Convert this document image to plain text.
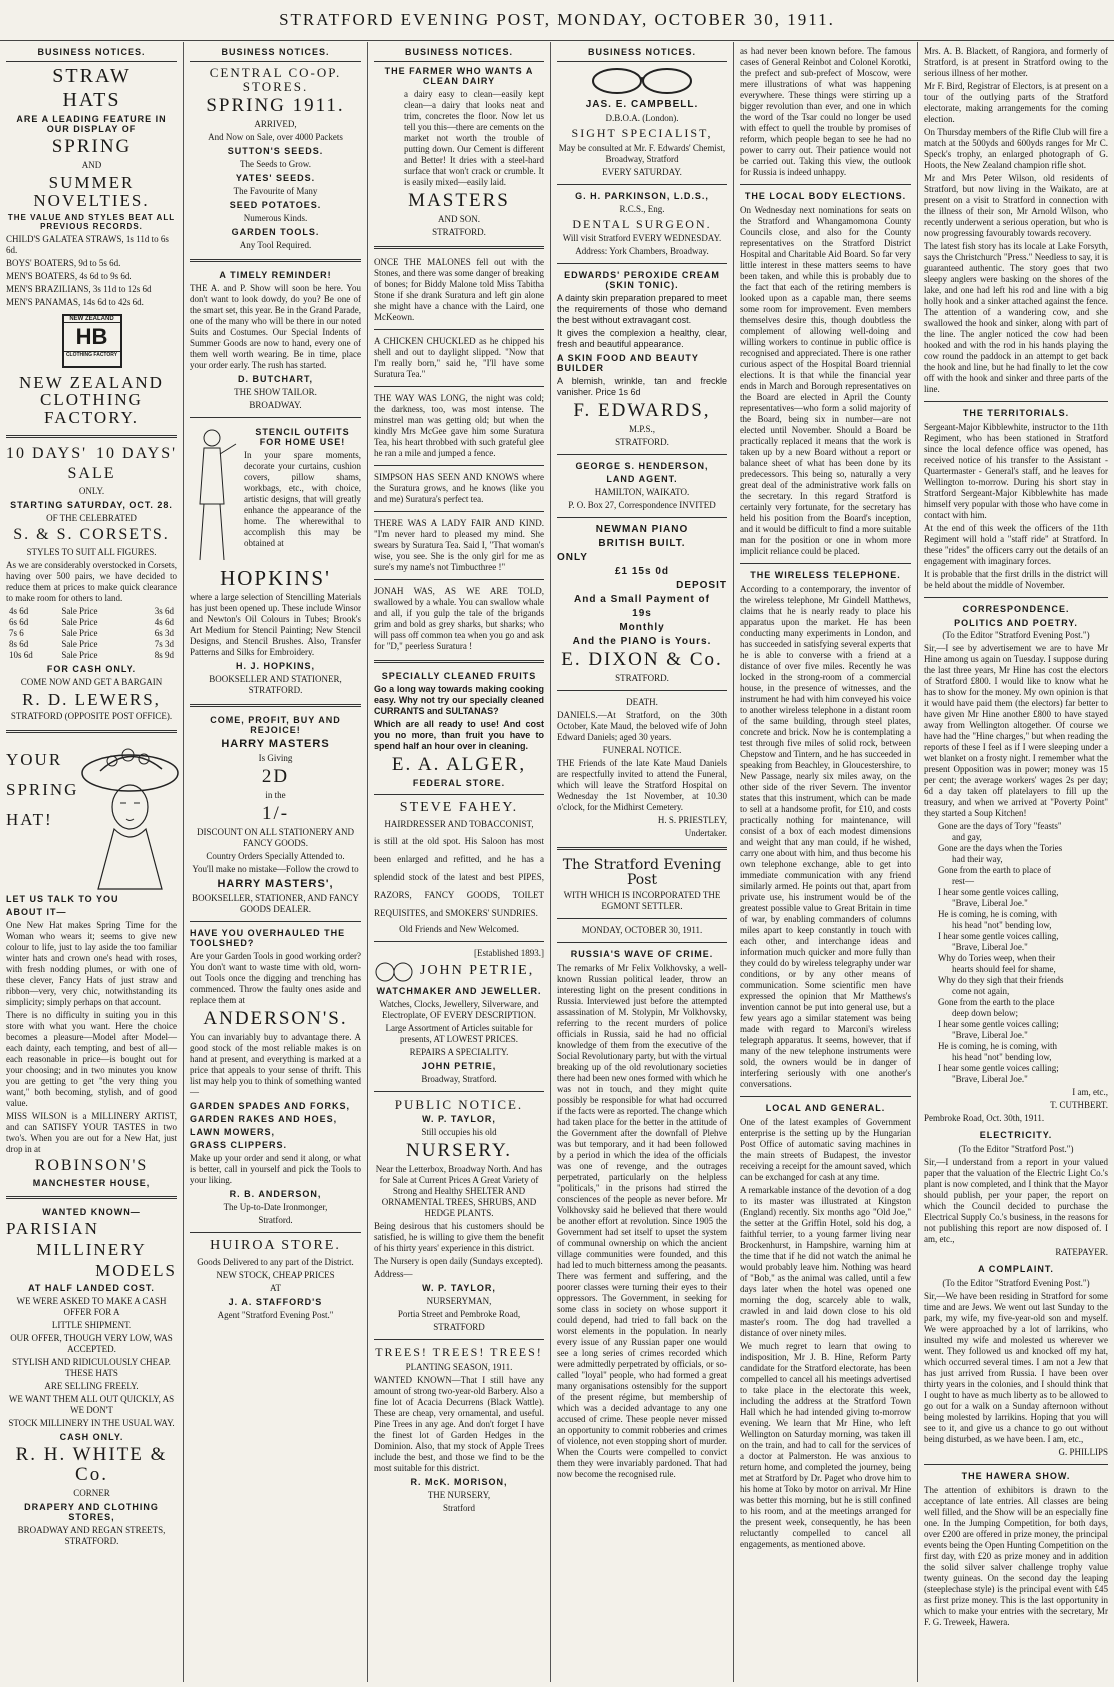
STRATFORD EVENING POST, MONDAY, OCTOBER 30, 1911.
BUSINESS NOTICES.
STRAW
HATS
ARE A LEADING FEATURE IN OUR DISPLAY OF
SPRING
AND
SUMMER NOVELTIES.
THE VALUE AND STYLES BEAT ALL PREVIOUS RECORDS.
CHILD'S GALATEA STRAWS, 1s 11d to 6s 6d.
BOYS' BOATERS, 9d to 5s 6d.
MEN'S BOATERS, 4s 6d to 9s 6d.
MEN'S BRAZILIANS, 3s 11d to 12s 6d
MEN'S PANAMAS, 14s 6d to 42s 6d.
NEW ZEALAND
HB
CLOTHING FACTORY
NEW ZEALAND CLOTHING FACTORY.
10 DAYS' 10 DAYS'
SALE
ONLY.
STARTING SATURDAY, OCT. 28.
OF THE CELEBRATED
S. & S. CORSETS.
STYLES TO SUIT ALL FIGURES.
As we are considerably overstocked in Corsets, having over 500 pairs, we have decided to reduce them at prices to make quick clearance to make room for others to land.
4s 6d	Sale Price	3s 6d
6s 6d	Sale Price	4s 6d
7s 6	Sale Price	6s 3d
8s 6d	Sale Price	7s 3d
10s 6d	Sale Price	8s 9d
FOR CASH ONLY.
COME NOW AND GET A BARGAIN
R. D. LEWERS,
STRATFORD (OPPOSITE POST OFFICE).
YOUR
SPRING
HAT!
LET US TALK TO YOU
ABOUT IT—
One New Hat makes Spring Time for the Woman who wears it; seems to give new colour to life, just to lay aside the too familiar winter hats and crown one's head with roses, with fresh nodding plumes, or with one of these clever, Fancy Hats of just straw and ribbon—very, very chic, notwithstanding its simplicity; simply perhaps on that account.
There is no difficulty in suiting you in this store with what you want. Here the choice becomes a pleasure—Model after Model—each dainty, each tempting, and best of all—each reasonable in price—is bought out for your choosing; and in two minutes you know you are getting to get "the very thing you want," both becoming, stylish, and of good value.
MISS WILSON is a MILLINERY ARTIST, and can SATISFY YOUR TASTES in two two's. When you are out for a New Hat, just drop in at
ROBINSON'S
MANCHESTER HOUSE,
WANTED KNOWN—
PARISIAN
MILLINERY
MODELS
AT HALF LANDED COST.
WE WERE ASKED TO MAKE A CASH OFFER FOR A
LITTLE SHIPMENT.
OUR OFFER, THOUGH VERY LOW, WAS ACCEPTED.
STYLISH AND RIDICULOUSLY CHEAP. THESE HATS
ARE SELLING FREELY.
WE WANT THEM ALL OUT QUICKLY, AS WE DON'T
STOCK MILLINERY IN THE USUAL WAY.
CASH ONLY.
R. H. WHITE & Co.
CORNER
DRAPERY AND CLOTHING STORES,
BROADWAY AND REGAN STREETS, STRATFORD.
BUSINESS NOTICES.
CENTRAL CO-OP. STORES.
SPRING 1911.
ARRIVED,
And Now on Sale, over 4000 Packets
SUTTON'S SEEDS.
The Seeds to Grow.
YATES' SEEDS.
The Favourite of Many
SEED POTATOES.
Numerous Kinds.
GARDEN TOOLS.
Any Tool Required.
A TIMELY REMINDER!
THE A. and P. Show will soon be here. You don't want to look dowdy, do you? Be one of the smart set, this year. Be in the Grand Parade, one of the many who will be there in our noted Suits and Costumes. Our Special Indents of Summer Goods are now to hand, every one of them well worth wearing. Be in time, place your order early. The rush has started.
D. BUTCHART,
THE SHOW TAILOR.
BROADWAY.
STENCIL OUTFITS FOR HOME USE!
In your spare moments, decorate your curtains, cushion covers, pillow shams, workbags, etc., with choice, artistic designs, that will greatly enhance the appearance of the home. The wherewithal to accomplish this may be obtained at
HOPKINS'
where a large selection of Stencilling Materials has just been opened up. These include Winsor and Newton's Oil Colours in Tubes; Brook's Art Medium for Stencil Painting; New Stencil Designs, and Stencil Brushes. Also, Transfer Patterns and Silks for Embroidery.
H. J. HOPKINS,
BOOKSELLER AND STATIONER, STRATFORD.
COME, PROFIT, BUY AND REJOICE!
HARRY MASTERS
Is Giving
2D
in the
1/-
DISCOUNT ON ALL STATIONERY AND FANCY GOODS.
Country Orders Specially Attended to.
You'll make no mistake—Follow the crowd to
HARRY MASTERS',
BOOKSELLER, STATIONER, AND FANCY GOODS DEALER.
HAVE YOU OVERHAULED THE TOOLSHED?
Are your Garden Tools in good working order? You don't want to waste time with old, worn-out Tools once the digging and trenching has commenced. Throw the faulty ones aside and replace them at
ANDERSON'S.
You can invariably buy to advantage there. A good stock of the most reliable makes is on hand at present, and everything is marked at a price that appeals to your sense of thrift. This list may help you to think of something wanted—
GARDEN SPADES AND FORKS,
GARDEN RAKES AND HOES,
LAWN MOWERS,
GRASS CLIPPERS.
Make up your order and send it along, or what is better, call in yourself and pick the Tools to your liking.
R. B. ANDERSON,
The Up-to-Date Ironmonger,
Stratford.
HUIROA STORE.
Goods Delivered to any part of the District.
NEW STOCK, CHEAP PRICES
AT
J. A. STAFFORD'S
Agent "Stratford Evening Post."
BUSINESS NOTICES.
THE FARMER WHO WANTS A CLEAN DAIRY
a dairy easy to clean—easily kept clean—a dairy that looks neat and trim, concretes the floor. Now let us tell you this—there are cements on the market not worth the trouble of putting down. Our Cement is different and Better! It dries with a steel-hard surface that won't crack or crumble. It is easily mixed—easily laid.
MASTERS
AND SON.
STRATFORD.
ONCE THE MALONES fell out with the Stones, and there was some danger of breaking of bones; for Biddy Malone told Miss Tabitha Stone if she drank Suratura and left gin alone she might have a chance with the Laird, one McKeown.
A CHICKEN CHUCKLED as he chipped his shell and out to daylight slipped. "Now that I'm really born," said he, "I'll have some Suratura Tea."
THE WAY WAS LONG, the night was cold; the darkness, too, was most intense. The minstrel man was getting old; but when the kindly Mrs McGee gave him some Suratura Tea, his heart throbbed with such grateful glee he ran a mile and jumped a fence.
SIMPSON HAS SEEN AND KNOWS where the Suratura grows, and he knows (like you and me) Suratura's perfect tea.
THERE WAS A LADY FAIR AND KIND. "I'm never hard to pleased my mind. She swears by Suratura Tea. Said I, "That woman's wise, you see. She is the only girl for me as sure's my name's not Timbucthree !"
JONAH WAS, AS WE ARE TOLD, swallowed by a whale. You can swallow whale and all, if you gulp the tale of the brigands grim and bold as grey sharks, but sharks; who will pass off common tea when you go and ask for "D," peerless Suratura !
SPECIALLY CLEANED FRUITS
Go a long way towards making cooking easy. Why not try our specially cleaned CURRANTS and SULTANAS?
Which are all ready to use! And cost you no more, than fruit you have to spend half an hour over in cleaning.
E. A. ALGER,
FEDERAL STORE.
STEVE FAHEY.
HAIRDRESSER AND TOBACCONIST,
is still at the old spot. His Saloon has most been enlarged and refitted, and he has a splendid stock of the latest and best PIPES, RAZORS, FANCY GOODS, TOILET REQUISITES, and SMOKERS' SUNDRIES.
Old Friends and New Welcomed.
[Established 1893.]
JOHN PETRIE,
WATCHMAKER AND JEWELLER.
Watches, Clocks, Jewellery, Silverware, and Electroplate, OF EVERY DESCRIPTION.
Large Assortment of Articles suitable for presents, AT LOWEST PRICES.
REPAIRS A SPECIALITY.
JOHN PETRIE,
Broadway, Stratford.
PUBLIC NOTICE.
W. P. TAYLOR,
Still occupies his old
NURSERY.
Near the Letterbox, Broadway North. And has for Sale at Current Prices A Great Variety of Strong and Healthy SHELTER AND ORNAMENTAL TREES, SHRUBS, AND HEDGE PLANTS.
Being desirous that his customers should be satisfied, he is willing to give them the benefit of his thirty years' experience in this district.
The Nursery is open daily (Sundays excepted).
Address—
W. P. TAYLOR,
NURSERYMAN,
Portia Street and Pembroke Road,
STRATFORD
TREES! TREES! TREES!
PLANTING SEASON, 1911.
WANTED KNOWN—That I still have any amount of strong two-year-old Barbery. Also a fine lot of Acacia Decurrens (Black Wattle). These are cheap, very ornamental, and useful. Pine Trees in any age. And don't forget I have the finest lot of Garden Hedges in the Dominion. Also, that my stock of Apple Trees include the best, and those we find to be the most suitable for this district.
R. McK. MORISON,
THE NURSERY,
Stratford
BUSINESS NOTICES.
JAS. E. CAMPBELL.
D.B.O.A. (London).
SIGHT SPECIALIST,
May be consulted at Mr. F. Edwards' Chemist, Broadway, Stratford
EVERY SATURDAY.
G. H. PARKINSON, L.D.S.,
R.C.S., Eng.
DENTAL SURGEON.
Will visit Stratford EVERY WEDNESDAY.
Address: York Chambers, Broadway.
EDWARDS' PEROXIDE CREAM (SKIN TONIC).
A dainty skin preparation prepared to meet the requirements of those who demand the best without extravagant cost.
It gives the complexion a healthy, clear, fresh and beautiful appearance.
A SKIN FOOD AND BEAUTY BUILDER
A blemish, wrinkle, tan and freckle vanisher. Price 1s 6d
F. EDWARDS,
M.P.S.,
STRATFORD.
GEORGE S. HENDERSON,
LAND AGENT.
HAMILTON, WAIKATO.
P. O. Box 27, Correspondence INVITED
NEWMAN PIANO
BRITISH BUILT.
ONLY
£1 15s 0d
DEPOSIT
And a Small Payment of
19s
Monthly
And the PIANO is Yours.
E. DIXON & Co.
STRATFORD.
DEATH.
DANIELS.—At Stratford, on the 30th October, Kate Maud, the beloved wife of John Edward Daniels; aged 30 years.
FUNERAL NOTICE.
THE Friends of the late Kate Maud Daniels are respectfully invited to attend the Funeral, which will leave the Stratford Hospital on Wednesday the 1st November, at 10.30 o'clock, for the Midhirst Cemetery.
H. S. PRIESTLEY,
Undertaker.
The Stratford Evening Post
WITH WHICH IS INCORPORATED THE EGMONT SETTLER.
MONDAY, OCTOBER 30, 1911.
RUSSIA'S WAVE OF CRIME.
The remarks of Mr Felix Volkhovsky, a well-known Russian political leader, throw an interesting light on the present conditions in Russia. Interviewed just before the attempted assassination of M. Stolypin, Mr Volkhovsky, referring to the recent murders of police officials in Russia, said he had no official knowledge of them from the executive of the Social Revolutionary party, but with the virtual breaking up of the old revolutionary societies there had been new ones formed with which he was not in touch, and they might quite possibly be responsible for what had occurred if the facts were as reported. The change which had taken place for the better in the attitude of the Government after the downfall of Plehve was but temporary, and it had been followed by a period in which the idea of the officials was one of revenge, and the outrages perpetrated, particularly on the helpless "politicals," in the prisons had stirred the consciences of the people as never before. Mr Volkhovsky said he believed that there would be another effort at revolution. Since 1905 the Government had set itself to upset the system of communal ownership on which the ancient village communities were founded, and this had led to much bitterness among the peasants. There was ferment and suffering, and the poorer classes were turning their eyes to their oppressors. The Government, in seeking for some class in society on whose support it could depend, had tried to fall back on the worst elements in the population. In nearly every issue of any Russian paper one would see a long series of crimes recorded which were admittedly perpetrated by officials, or so-called "loyal" people, who had formed a great many organisations ostensibly for the support of the present régime, but membership of which was a decided advantage to any one accused of crime. These people never missed an opportunity to commit robberies and crimes of violence, not even stopping short of murder. When the Courts were compelled to convict them they were invariably pardoned. That had now become the recognised rule.
as had never been known before. The famous cases of General Reinbot and Colonel Korotki, the prefect and sub-prefect of Moscow, were mere illustrations of what was happening everywhere. These things were stirring up a bigger revolution than ever, and one in which the word of the Tsar could no longer be used with effect to quell the trouble by promises of reform, which people began to see he had no power to carry out. Their patience would not be carried out. Taking this view, the outlook for Russia is indeed unhappy.
THE LOCAL BODY ELECTIONS.
On Wednesday next nominations for seats on the Stratford and Whangamomona County Councils close, and also for the County representatives on the Stratford District Hospital and Charitable Aid Board. So far very little interest in these matters seems to have been taken, and while this is probably due to the fact that each of the retiring members is looked upon as a capable man, there seems some room for improvement. Even members themselves desire this, though doubtless the complement of allowing well-doing and willing workers to continue in public office is recognised and appreciated. There is one rather curious aspect of the Hospital Board triennial elections. It is that while the financial year ends in March and Borough representatives on the Board are elected in April the County representatives—who form a solid majority of the Board, being six in number—are not elected until November. Should a Board be practically replaced it means that the work is taken up by a new Board without a report or balance sheet of what has been done by its predecessors. This being so, naturally a very great deal of the administrative work falls on the secretary. In this regard Stratford is certainly very fortunate, for the secretary has held his position from the Board's inception, and it would be difficult to find a more suitable man for the position or one in whom more implicit reliance could be placed.
THE WIRELESS TELEPHONE.
According to a contemporary, the inventor of the wireless telephone, Mr Gindell Matthews, claims that he is nearly ready to place his apparatus upon the market. He has been conducting many experiments in London, and has succeeded in satisfying several experts that he is able to converse with a friend at a distance of over five miles. Recently he was locked in the strong-room of a commercial house, in the presence of witnesses, and the instrument he had with him conveyed his voice to another wireless telephone in a distant room of the same building, through steel plates, concrete and brick. Now he is contemplating a test through five miles of solid rock, between Chepstow and Tintern, and he has succeeded in speaking from Beachley, in Gloucestershire, to New Passage, nearly six miles away, on the other side of the river Severn. The inventor states that this instrument, which can be made to sell at a handsome profit, for £10, and costs practically nothing for maintenance, will consist of a box of each modest dimensions and weight that any man could, if he wished, carry one about with him, and thus become his own telephone exchange, able to get into immediate communication with any friend similarly armed. He points out that, apart from private use, his instrument would be of the greatest possible value to Great Britain in time of war, by enabling commanders of columns miles apart to keep constantly in touch with each other, and interchange ideas and information much quicker and more fully than they could do by wireless telegraphy under war conditions, or by any other means of communication. Some scientific men have expressed the opinion that Mr Matthews's invention cannot be put into general use, but a few years ago a similar statement was being made with regard to Marconi's wireless telegraph apparatus. It seems, however, that if many of the new telephone instruments were sold, the owners would be in danger of interfering seriously with one another's conversations.
LOCAL AND GENERAL.
One of the latest examples of Government enterprise is the setting up by the Hungarian Post Office of automatic saving machines in the main streets of Budapest, the investor receiving a receipt for the amount saved, which can be exchanged for cash at any time.
A remarkable instance of the devotion of a dog to its master was illustrated at Kingston (England) recently. Six months ago "Old Joe," the setter at the Griffin Hotel, sold his dog, a faithful terrier, to a young farmer living near Brockenhurst, in Hampshire, warning him at the time that if he did not watch the animal he would probably leave him. Nothing was heard of "Bob," as the animal was called, until a few days later when the hotel was opened one morning the dog, scarcely able to walk, crawled in and laid down close to his old master's room. The dog had travelled a distance of over ninety miles.
We much regret to learn that owing to indisposition, Mr J. B. Hine, Reform Party candidate for the Stratford electorate, has been compelled to cancel all his meetings advertised to take place in the electorate this week, including the address at the Stratford Town Hall which he had intended giving to-morrow evening. We learn that Mr Hine, who left Wellington on Saturday morning, was taken ill on the train, and had to call for the services of a doctor at Palmerston. He was anxious to return home, and completed the journey, being met at Stratford by Dr. Paget who drove him to his home at Toko by motor on arrival. Mr Hine was better this morning, but he is still confined to his room, and at the meetings arranged for the present week, consequently, he has been reluctantly compelled to cancel all engagements, as mentioned above.
Mrs. A. B. Blackett, of Rangiora, and formerly of Stratford, is at present in Stratford owing to the serious illness of her mother.
Mr F. Bird, Registrar of Electors, is at present on a tour of the outlying parts of the Stratford electorate, making arrangements for the coming election.
On Thursday members of the Rifle Club will fire a match at the 500yds and 600yds ranges for Mr C. Speck's trophy, an enlarged photograph of G. Hoots, the New Zealand champion rifle shot.
Mr and Mrs Peter Wilson, old residents of Stratford, but now living in the Waikato, are at present on a visit to Stratford in connection with the illness of their son, Mr Arnold Wilson, who recently underwent a serious operation, but who is now progressing favourably towards recovery.
The latest fish story has its locale at Lake Forsyth, says the Christchurch "Press." Needless to say, it is guaranteed authentic. The story goes that two sleepy anglers were basking on the shores of the lake, and one had left his rod and line with a big holly hook and a sinker attached against the fence. The attention of a wandering cow, and she swallowed the hook and sinker, along with part of the line. The angler noticed the cow had been hooked and with the rod in his hands playing the cow round the paddock in an attempt to get back the hook and line, but he had finally to let the cow off with the hook and sinker and three parts of the line.
THE TERRITORIALS.
Sergeant-Major Kibblewhite, instructor to the 11th Regiment, who has been stationed in Stratford since the local defence office was opened, has received notice of his transfer to the Assistant - Quartermaster - General's staff, and he leaves for Wellington to-morrow. During his short stay in Stratford Sergeant-Major Kibblewhite has made himself very popular with those who have come in contact with him.
At the end of this week the officers of the 11th Regiment will hold a "staff ride" at Stratford. In these "rides" the officers carry out the details of an engagement with imaginary forces.
It is probable that the first drills in the district will be held about the middle of November.
CORRESPONDENCE.
POLITICS AND POETRY.
(To the Editor "Stratford Evening Post.")
Sir,—I see by advertisement we are to have Mr Hine among us again on Tuesday. I suppose during the last three years, Mr Hine has cost the electors of Stratford £800. I would like to know what he has to show for the money. My own opinion is that it would have paid them (the electors) far better to have given Mr Hine another £800 to have stayed away from Wellington altogether. Of course we have had the "Hine charges," but when reading the reports of these I feel as if I were sleeping under a wet blanket on a frosty night. I remember what the present Opposition was in power; money was 15 per cent; the average workers' wages 2s per day; 6d a day taken off platelayers to fill up the treasury, and when we arrived at "Poverty Point" they started a Soup Kitchen!
Gone are the days of Tory "feasts"
and gay,
Gone are the days when the Tories
had their way,
Gone from the earth to place of
rest—
I hear some gentle voices calling,
"Brave, Liberal Joe."
He is coming, he is coming, with
his head "not" bending low,
I hear some gentle voices calling,
"Brave, Liberal Joe."
Why do Tories weep, when their
hearts should feel for shame,
Why do they sigh that their friends
come not again,
Gone from the earth to the place
deep down below;
I hear some gentle voices calling;
"Brave, Liberal Joe."
He is coming, he is coming, with
his head "not" bending low,
I hear some gentle voices calling;
"Brave, Liberal Joe."
I am, etc.,
T. CUTHBERT.
Pembroke Road, Oct. 30th, 1911.
ELECTRICITY.
(To the Editor "Stratford Post.")
Sir,—I understand from a report in your valued paper that the valuation of the Electric Light Co.'s plant is now completed, and I think that the Mayor should publish, per your paper, the report on which the Council decided to purchase the Electrical Supply Co.'s business, in the reasons for not publishing this report are now disposed of. I am, etc.,
RATEPAYER.
A COMPLAINT.
(To the Editor "Stratford Evening Post.")
Sir,—We have been residing in Stratford for some time and are Jews. We went out last Sunday to the park, my wife, my five-year-old son and myself. We were approached by a lot of larrikins, who insulted my wife and molested us wherever we went. They followed us and knocked off my hat, which occurred several times. I am not a Jew that has just arrived from Russia. I have been over thirty years in the colonies, and I should think that I ought to have as much liberty as to be allowed to go out for a walk on a Sunday afternoon without being molested by larrikins. Hoping that you will see to it, and give us a chance to go out without being disturbed, as we have been. I am, etc.,
G. PHILLIPS
THE HAWERA SHOW.
The attention of exhibitors is drawn to the acceptance of late entries. All classes are being well filled, and the Show will be an especially fine one. In the Jumping Competition, for both days, over £200 are offered in prize money, the principal events being the Open Hunting Competition on the first day, with £20 as prize money and in addition the solid silver salver challenge trophy value twenty guineas. On the second day the leaping (steeplechase style) is the principal event with £45 as first prize money. This is the last opportunity in which to make your entries with the secretary, Mr F. G. Treweek, Hawera.
